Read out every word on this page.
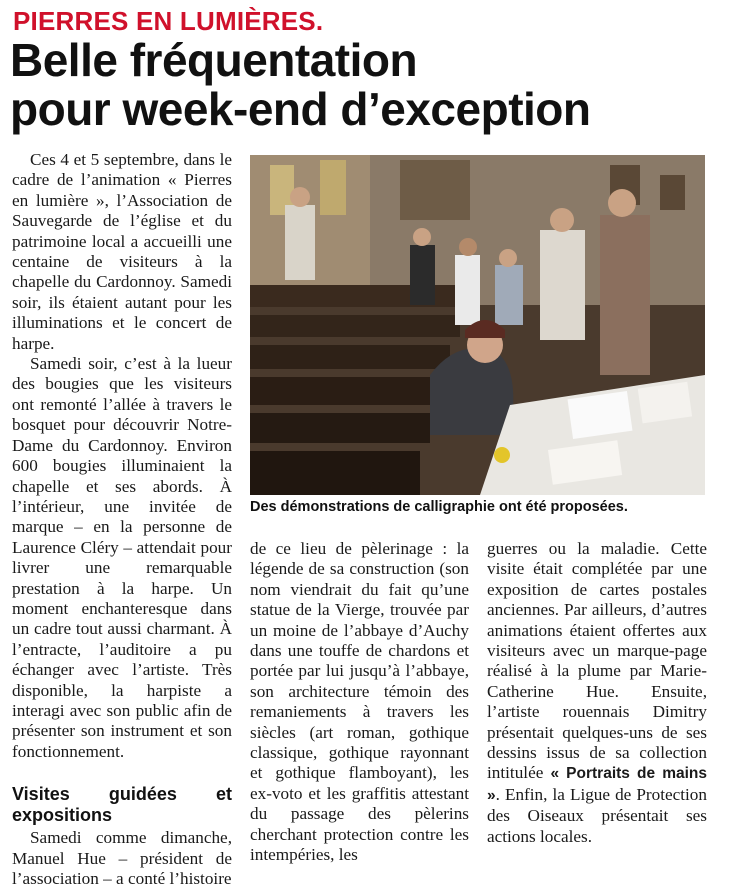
PIERRES EN LUMIÈRES.
Belle fréquentation
pour week-end d’exception

Ces 4 et 5 septembre, dans le cadre de l’animation « Pierres en lumière », l’Association de Sauvegarde de l’église et du patrimoine local a accueilli une centaine de visiteurs à la chapelle du Cardonnoy. Samedi soir, ils étaient autant pour les illuminations et le concert de harpe.

Samedi soir, c’est à la lueur des bougies que les visiteurs ont remonté l’allée à travers le bosquet pour découvrir Notre-Dame du Cardonnoy. Environ 600 bougies illuminaient la chapelle et ses abords. À l’intérieur, une invitée de marque – en la personne de Laurence Cléry – attendait pour livrer une remarquable prestation à la harpe. Un moment enchanteresque dans un cadre tout aussi charmant. À l’entracte, l’auditoire a pu échanger avec l’artiste. Très disponible, la harpiste a interagi avec son public afin de présenter son instrument et son fonctionnement.

Visites guidées et expositions

Samedi comme dimanche, Manuel Hue – président de l’association – a conté l’histoire

Des démonstrations de calligraphie ont été proposées.

de ce lieu de pèlerinage : la légende de sa construction (son nom viendrait du fait qu’une statue de la Vierge, trouvée par un moine de l’abbaye d’Auchy dans une touffe de chardons et portée par lui jusqu’à l’abbaye, son architecture témoin des remaniements à travers les siècles (art roman, gothique classique, gothique rayonnant et gothique flamboyant), les ex-voto et les graffitis attestant du passage des pèlerins cherchant protection contre les intempéries, les

guerres ou la maladie. Cette visite était complétée par une exposition de cartes postales anciennes. Par ailleurs, d’autres animations étaient offertes aux visiteurs avec un marque-page réalisé à la plume par Marie-Catherine Hue. Ensuite, l’artiste rouennais Dimitry présentait quelques-uns de ses dessins issus de sa collection intitulée « Portraits de mains ». Enfin, la Ligue de Protection des Oiseaux présentait ses actions locales.
